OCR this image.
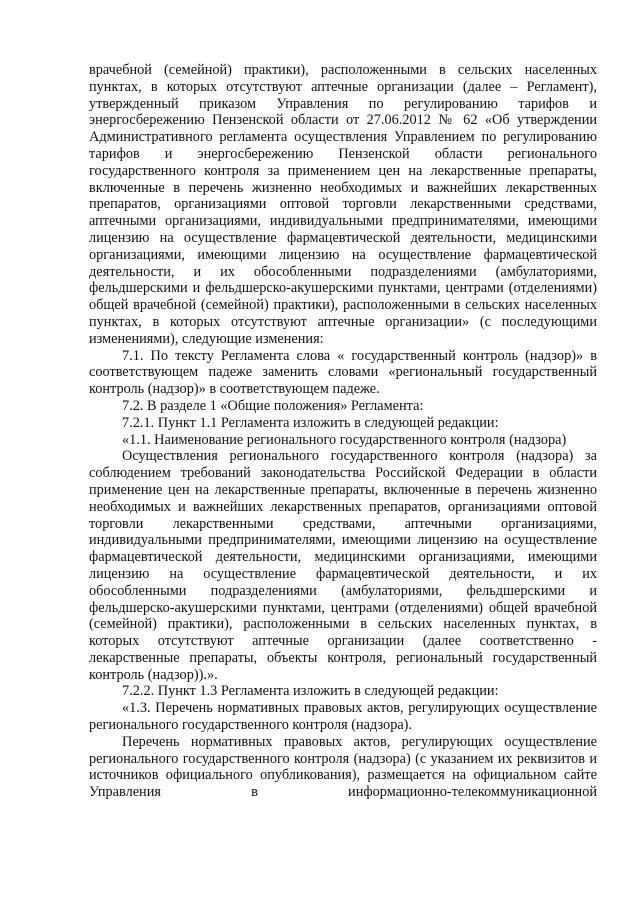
врачебной (семейной) практики), расположенными в сельских населенных пунктах, в которых отсутствуют аптечные организации (далее – Регламент), утвержденный приказом Управления по регулированию тарифов и энергосбережению Пензенской области от 27.06.2012 № 62 «Об утверждении Административного регламента осуществления Управлением по регулированию тарифов и энергосбережению Пензенской области регионального государственного контроля за применением цен на лекарственные препараты, включенные в перечень жизненно необходимых и важнейших лекарственных препаратов, организациями оптовой торговли лекарственными средствами, аптечными организациями, индивидуальными предпринимателями, имеющими лицензию на осуществление фармацевтической деятельности, медицинскими организациями, имеющими лицензию на осуществление фармацевтической деятельности, и их обособленными подразделениями (амбулаториями, фельдшерскими и фельдшерско-акушерскими пунктами, центрами (отделениями) общей врачебной (семейной) практики), расположенными в сельских населенных пунктах, в которых отсутствуют аптечные организации» (с последующими изменениями), следующие изменения:

7.1. По тексту Регламента слова « государственный контроль (надзор)» в соответствующем падеже заменить словами «региональный государственный контроль (надзор)» в соответствующем падеже.

7.2. В разделе 1 «Общие положения» Регламента:

7.2.1. Пункт 1.1 Регламента изложить в следующей редакции:

«1.1. Наименование регионального государственного контроля (надзора)

Осуществления регионального государственного контроля (надзора) за соблюдением требований законодательства Российской Федерации в области применение цен на лекарственные препараты, включенные в перечень жизненно необходимых и важнейших лекарственных препаратов, организациями оптовой торговли лекарственными средствами, аптечными организациями, индивидуальными предпринимателями, имеющими лицензию на осуществление фармацевтической деятельности, медицинскими организациями, имеющими лицензию на осуществление фармацевтической деятельности, и их обособленными подразделениями (амбулаториями, фельдшерскими и фельдшерско-акушерскими пунктами, центрами (отделениями) общей врачебной (семейной) практики), расположенными в сельских населенных пунктах, в которых отсутствуют аптечные организации (далее соответственно - лекарственные препараты, объекты контроля, региональный государственный контроль (надзор)).».

7.2.2. Пункт 1.3 Регламента изложить в следующей редакции:

«1.3. Перечень нормативных правовых актов, регулирующих осуществление регионального государственного контроля (надзора).

Перечень нормативных правовых актов, регулирующих осуществление регионального государственного контроля (надзора) (с указанием их реквизитов и источников официального опубликования), размещается на официальном сайте Управления в информационно-телекоммуникационной
